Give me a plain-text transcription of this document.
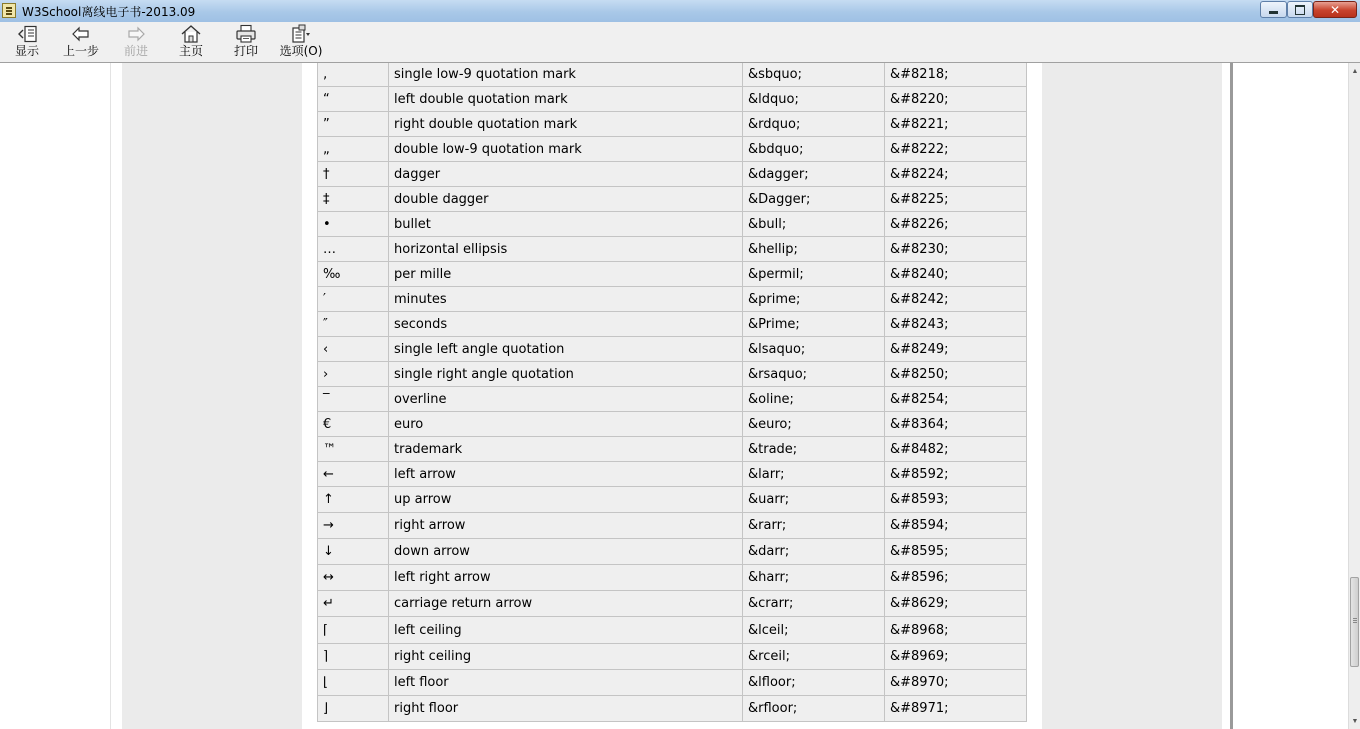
W3School离线电子书-2013.09	✕
显示 上一步 前进	主页	打印 选项(O)
‚	single low-9 quotation mark	&sbquo;	&#8218;
“	left double quotation mark	&ldquo;	&#8220;
”	right double quotation mark	&rdquo;	&#8221;
„	double low-9 quotation mark	&bdquo;	&#8222;
†	dagger	&dagger;	&#8224;
‡	double dagger	&Dagger;	&#8225;
•	bullet	&bull;	&#8226;
…	horizontal ellipsis	&hellip;	&#8230;
‰	per mille	&permil;	&#8240;
′	minutes	&prime;	&#8242;
″	seconds	&Prime;	&#8243;
‹	single left angle quotation	&lsaquo;	&#8249;
›	single right angle quotation	&rsaquo;	&#8250;
‾	overline	&oline;	&#8254;
€	euro	&euro;	&#8364;
™	trademark	&trade;	&#8482;
←	left arrow	&larr;	&#8592;
↑	up arrow	&uarr;	&#8593;
→	right arrow	&rarr;	&#8594;
↓	down arrow	&darr;	&#8595;
↔	left right arrow	&harr;	&#8596;
↵	carriage return arrow	&crarr;	&#8629;
⌈	left ceiling	&lceil;	&#8968;
⌉	right ceiling	&rceil;	&#8969;
⌊	left floor	&lfloor;	&#8970;
⌋	right floor	&rfloor;	&#8971;
▲
▼
